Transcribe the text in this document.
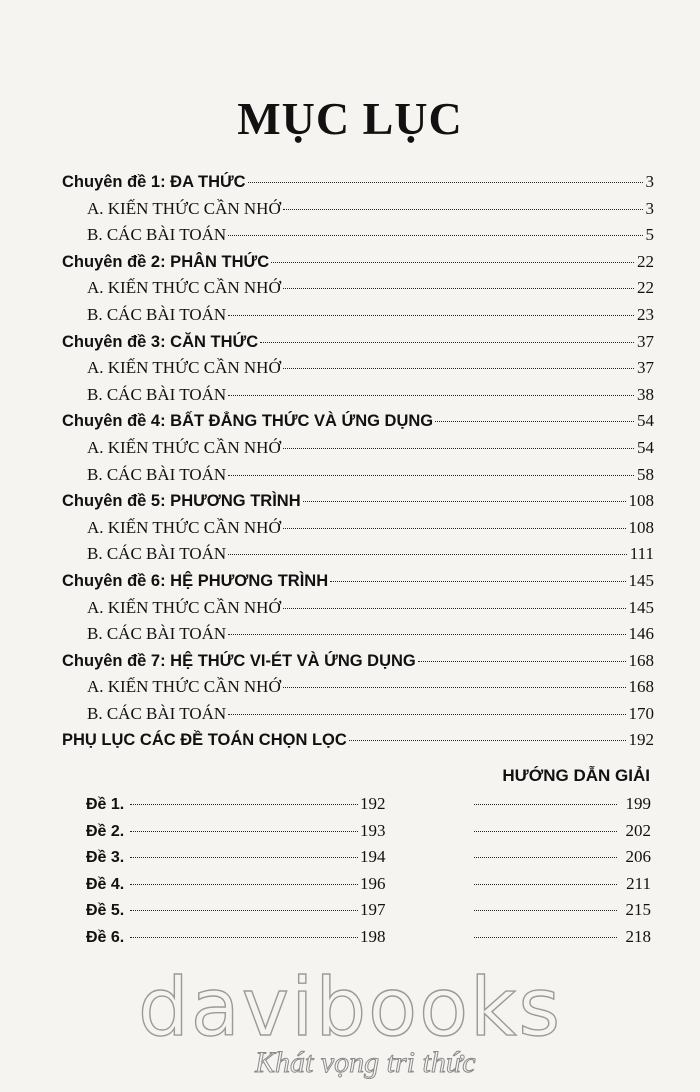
MỤC LỤC
Chuyên đề 1: ĐA THỨC	3
A. KIẾN THỨC CẦN NHỚ	3
B. CÁC BÀI TOÁN	5
Chuyên đề 2: PHÂN THỨC	22
A. KIẾN THỨC CẦN NHỚ	22
B. CÁC BÀI TOÁN	23
Chuyên đề 3: CĂN THỨC	37
A. KIẾN THỨC CẦN NHỚ	37
B. CÁC BÀI TOÁN	38
Chuyên đề 4: BẤT ĐẲNG THỨC VÀ ỨNG DỤNG	54
A. KIẾN THỨC CẦN NHỚ	54
B. CÁC BÀI TOÁN	58
Chuyên đề 5: PHƯƠNG TRÌNH	108
A. KIẾN THỨC CẦN NHỚ	108
B. CÁC BÀI TOÁN	111
Chuyên đề 6: HỆ PHƯƠNG TRÌNH	145
A. KIẾN THỨC CẦN NHỚ	145
B. CÁC BÀI TOÁN	146
Chuyên đề 7: HỆ THỨC VI-ÉT VÀ ỨNG DỤNG	168
A. KIẾN THỨC CẦN NHỚ	168
B. CÁC BÀI TOÁN	170
PHỤ LỤC CÁC ĐỀ TOÁN CHỌN LỌC	192
HƯỚNG DẪN GIẢI
Đề 1.	192	199
Đề 2.	193	202
Đề 3.	194	206
Đề 4.	196	211
Đề 5.	197	215
Đề 6.	198	218
davibooks
Khát vọng tri thức
